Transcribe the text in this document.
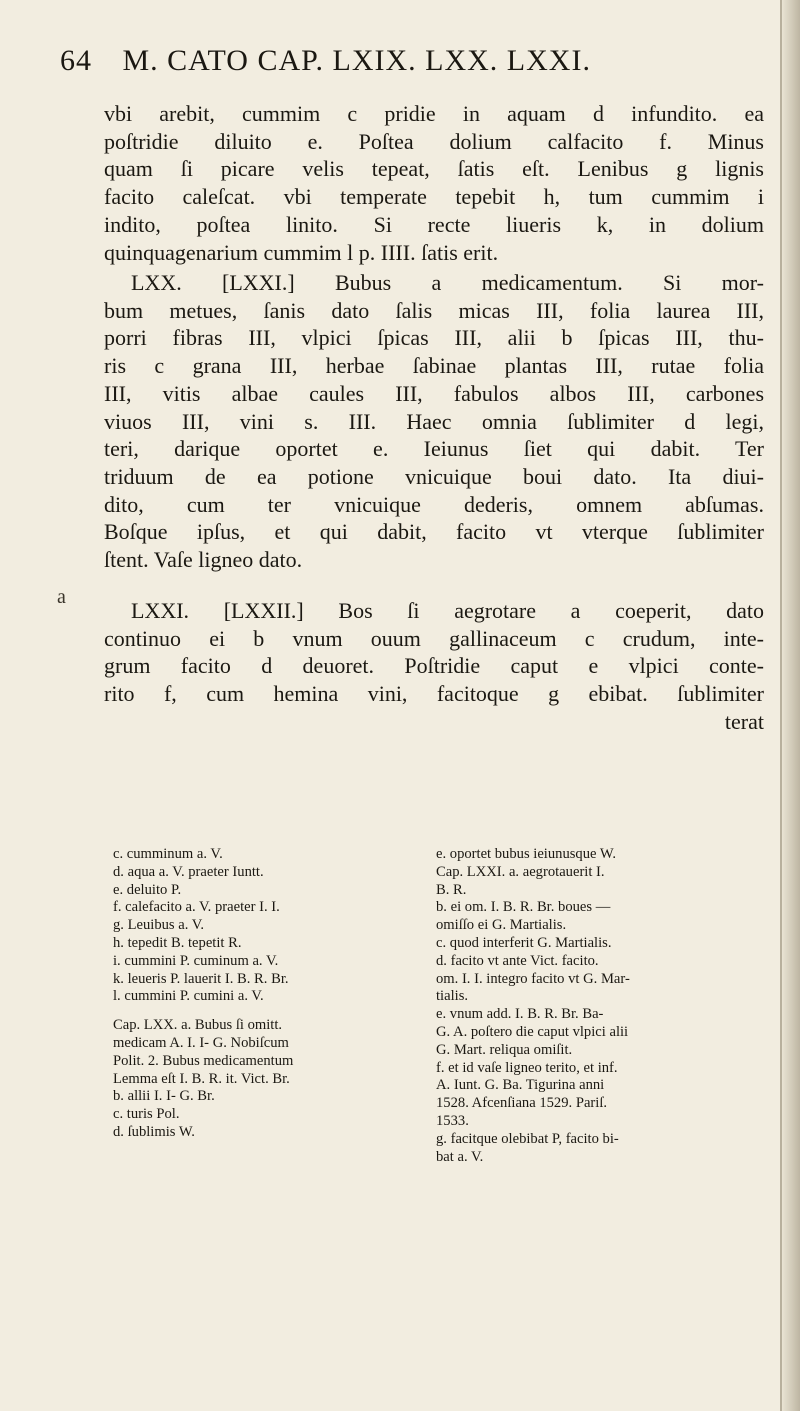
64 M. CATO CAP. LXIX. LXX. LXXI.
a
vbi arebit, cummim c pridie in aquam d infundito. ea
poſtridie diluito e. Poſtea dolium calfacito f. Minus
quam ſi picare velis tepeat, ſatis eſt. Lenibus g lignis
facito caleſcat. vbi temperate tepebit h, tum cummim i
indito, poſtea linito. Si recte liueris k, in dolium
quinquagenarium cummim l p. IIII. ſatis erit.
LXX. [LXXI.] Bubus a medicamentum. Si mor-
bum metues, ſanis dato ſalis micas III, folia laurea III,
porri fibras III, vlpici ſpicas III, alii b ſpicas III, thu-
ris c grana III, herbae ſabinae plantas III, rutae folia
III, vitis albae caules III, fabulos albos III, carbones
viuos III, vini s. III. Haec omnia ſublimiter d legi,
teri, darique oportet e. Ieiunus ſiet qui dabit. Ter
triduum de ea potione vnicuique boui dato. Ita diui-
dito, cum ter vnicuique dederis, omnem abſumas.
Boſque ipſus, et qui dabit, facito vt vterque ſublimiter
ſtent. Vaſe ligneo dato.
LXXI. [LXXII.] Bos ſi aegrotare a coeperit, dato
continuo ei b vnum ouum gallinaceum c crudum, inte-
grum facito d deuoret. Poſtridie caput e vlpici conte-
rito f, cum hemina vini, facitoque g ebibat. ſublimiter
terat
c. cumminum a. V.
d. aqua a. V. praeter Iuntt.
e. deluito P.
f. calefacito a. V. praeter I. I.
g. Leuibus a. V.
h. tepedit B. tepetit R.
i. cummini P. cuminum a. V.
k. leueris P. lauerit I. B. R. Br.
l. cummini P. cumini a. V.
Cap. LXX. a. Bubus ſi omitt.
medicam A. I. I- G. Nobiſcum
Polit. 2. Bubus medicamentum
Lemma eſt I. B. R. it. Vict. Br.
b. allii I. I- G. Br.
c. turis Pol.
d. ſublimis W.
e. oportet bubus ieiunusque W.
Cap. LXXI. a. aegrotauerit I.
B. R.
b. ei om. I. B. R. Br. boues —
omiſſo ei G. Martialis.
c. quod interferit G. Martialis.
d. facito vt ante Vict. facito.
om. I. I. integro facito vt G. Mar-
tialis.
e. vnum add. I. B. R. Br. Ba-
G. A. poſtero die caput vlpici alii
G. Mart. reliqua omiſit.
f. et id vaſe ligneo terito, et inf.
A. Iunt. G. Ba. Tigurina anni
1528. Afcenſiana 1529. Pariſ.
1533.
g. facitque olebibat P, facito bi-
bat a. V.
